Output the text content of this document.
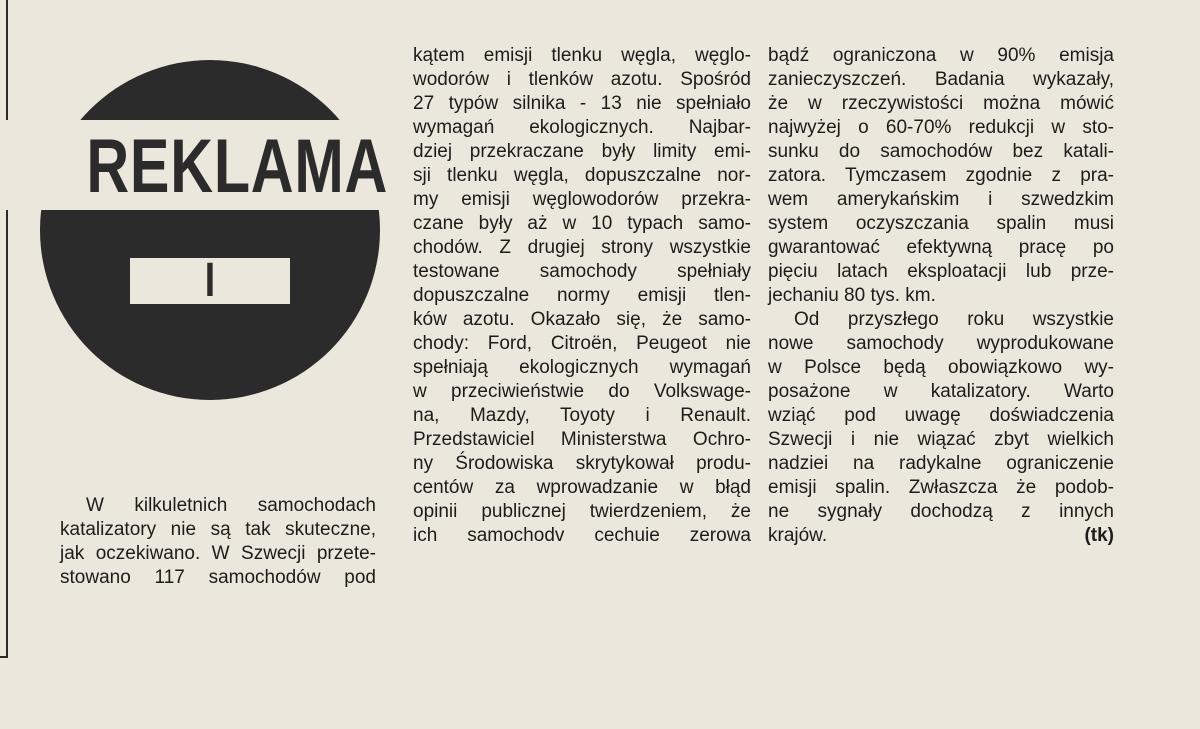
REKLAMA
I TESTY
W kilkuletnich samochodach
katalizatory nie są tak skuteczne,
jak oczekiwano. W Szwecji przete-
stowano 117 samochodów pod
kątem emisji tlenku węgla, węglo-
wodorów i tlenków azotu. Spośród
27 typów silnika - 13 nie spełniało
wymagań ekologicznych. Najbar-
dziej przekraczane były limity emi-
sji tlenku węgla, dopuszczalne nor-
my emisji węglowodorów przekra-
czane były aż w 10 typach samo-
chodów. Z drugiej strony wszystkie
testowane samochody spełniały
dopuszczalne normy emisji tlen-
ków azotu. Okazało się, że samo-
chody: Ford, Citroën, Peugeot nie
spełniają ekologicznych wymagań
w przeciwieństwie do Volkswage-
na, Mazdy, Toyoty i Renault.
Przedstawiciel Ministerstwa Ochro-
ny Środowiska skrytykował produ-
centów za wprowadzanie w błąd
opinii publicznej twierdzeniem, że
ich samochodv cechuie zerowa
bądź ograniczona w 90% emisja
zanieczyszczeń. Badania wykazały,
że w rzeczywistości można mówić
najwyżej o 60-70% redukcji w sto-
sunku do samochodów bez katali-
zatora. Tymczasem zgodnie z pra-
wem amerykańskim i szwedzkim
system oczyszczania spalin musi
gwarantować efektywną pracę po
pięciu latach eksploatacji lub prze-
jechaniu 80 tys. km.
Od przyszłego roku wszystkie
nowe samochody wyprodukowane
w Polsce będą obowiązkowo wy-
posażone w katalizatory. Warto
wziąć pod uwagę doświadczenia
Szwecji i nie wiązać zbyt wielkich
nadziei na radykalne ograniczenie
emisji spalin. Zwłaszcza że podob-
ne sygnały dochodzą z innych
krajów.	(tk)
